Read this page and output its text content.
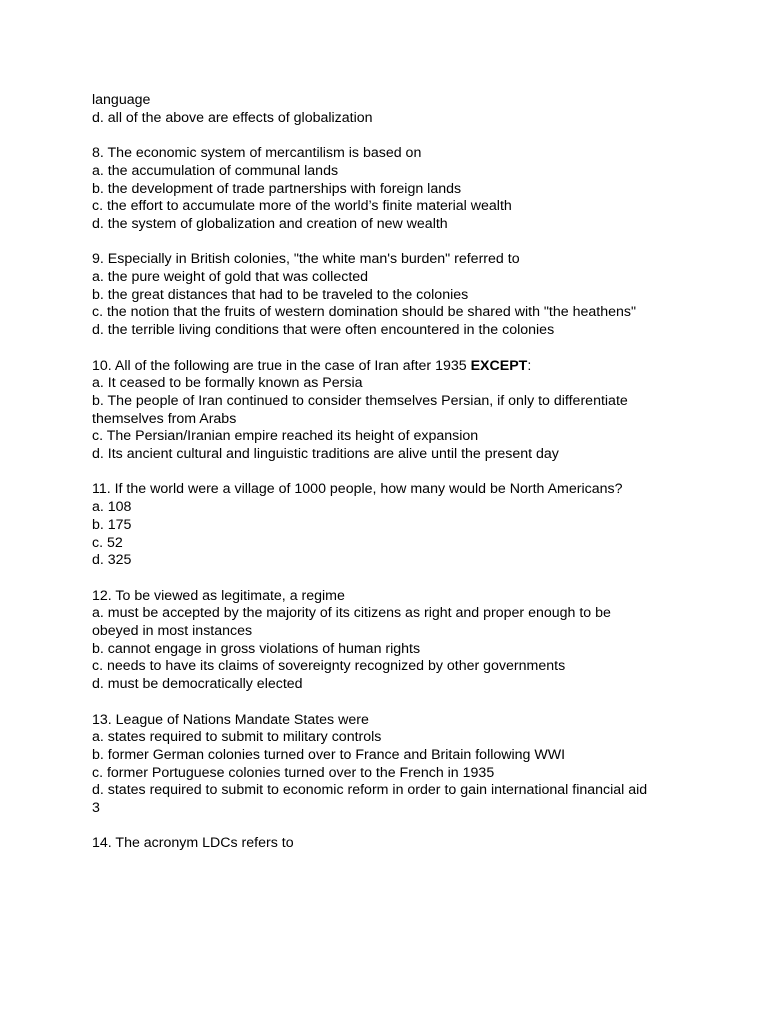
language
d. all of the above are effects of globalization
8. The economic system of mercantilism is based on
a. the accumulation of communal lands
b. the development of trade partnerships with foreign lands
c. the effort to accumulate more of the world’s finite material wealth
d. the system of globalization and creation of new wealth
9. Especially in British colonies, "the white man's burden" referred to
a. the pure weight of gold that was collected
b. the great distances that had to be traveled to the colonies
c. the notion that the fruits of western domination should be shared with "the heathens"
d. the terrible living conditions that were often encountered in the colonies
10. All of the following are true in the case of Iran after 1935 EXCEPT:
a. It ceased to be formally known as Persia
b. The people of Iran continued to consider themselves Persian, if only to differentiate themselves from Arabs
c. The Persian/Iranian empire reached its height of expansion
d. Its ancient cultural and linguistic traditions are alive until the present day
11. If the world were a village of 1000 people, how many would be North Americans?
a. 108
b. 175
c. 52
d. 325
12. To be viewed as legitimate, a regime
a. must be accepted by the majority of its citizens as right and proper enough to be obeyed in most instances
b. cannot engage in gross violations of human rights
c. needs to have its claims of sovereignty recognized by other governments
d. must be democratically elected
13. League of Nations Mandate States were
a. states required to submit to military controls
b. former German colonies turned over to France and Britain following WWI
c. former Portuguese colonies turned over to the French in 1935
d. states required to submit to economic reform in order to gain international financial aid
3
14. The acronym LDCs refers to
